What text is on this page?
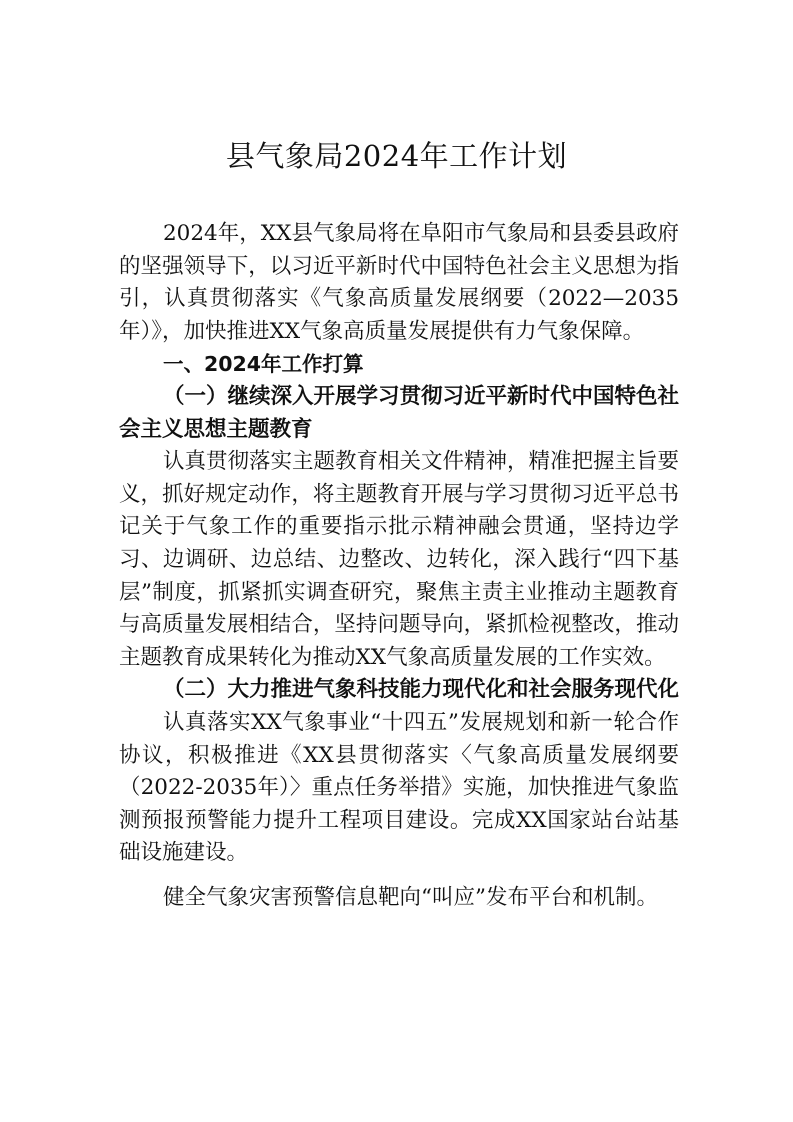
县气象局2024年工作计划

2024年，XX县气象局将在阜阳市气象局和县委县政府的坚强领导下，以习近平新时代中国特色社会主义思想为指引，认真贯彻落实《气象高质量发展纲要（2022—2035年）》，加快推进XX气象高质量发展提供有力气象保障。

一、2024年工作打算

（一）继续深入开展学习贯彻习近平新时代中国特色社会主义思想主题教育

认真贯彻落实主题教育相关文件精神，精准把握主旨要义，抓好规定动作，将主题教育开展与学习贯彻习近平总书记关于气象工作的重要指示批示精神融会贯通，坚持边学习、边调研、边总结、边整改、边转化，深入践行“四下基层”制度，抓紧抓实调查研究，聚焦主责主业推动主题教育与高质量发展相结合，坚持问题导向，紧抓检视整改，推动主题教育成果转化为推动XX气象高质量发展的工作实效。

（二）大力推进气象科技能力现代化和社会服务现代化

认真落实XX气象事业“十四五”发展规划和新一轮合作协议，积极推进《XX县贯彻落实〈气象高质量发展纲要（2022-2035年）〉重点任务举措》实施，加快推进气象监测预报预警能力提升工程项目建设。完成XX国家站台站基础设施建设。

健全气象灾害预警信息靶向“叫应”发布平台和机制。
